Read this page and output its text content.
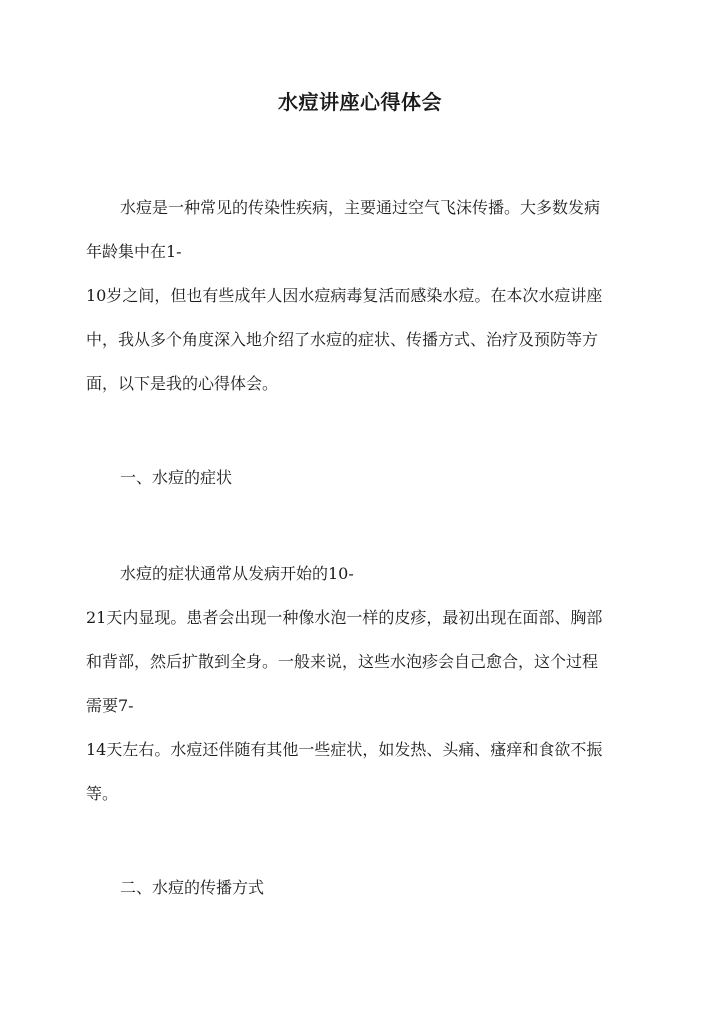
水痘讲座心得体会
水痘是一种常见的传染性疾病，主要通过空气飞沫传播。大多数发病
年龄集中在1-
10岁之间，但也有些成年人因水痘病毒复活而感染水痘。在本次水痘讲座
中，我从多个角度深入地介绍了水痘的症状、传播方式、治疗及预防等方
面，以下是我的心得体会。
一、水痘的症状
水痘的症状通常从发病开始的10-
21天内显现。患者会出现一种像水泡一样的皮疹，最初出现在面部、胸部
和背部，然后扩散到全身。一般来说，这些水泡疹会自己愈合，这个过程
需要7-
14天左右。水痘还伴随有其他一些症状，如发热、头痛、瘙痒和食欲不振
等。
二、水痘的传播方式
